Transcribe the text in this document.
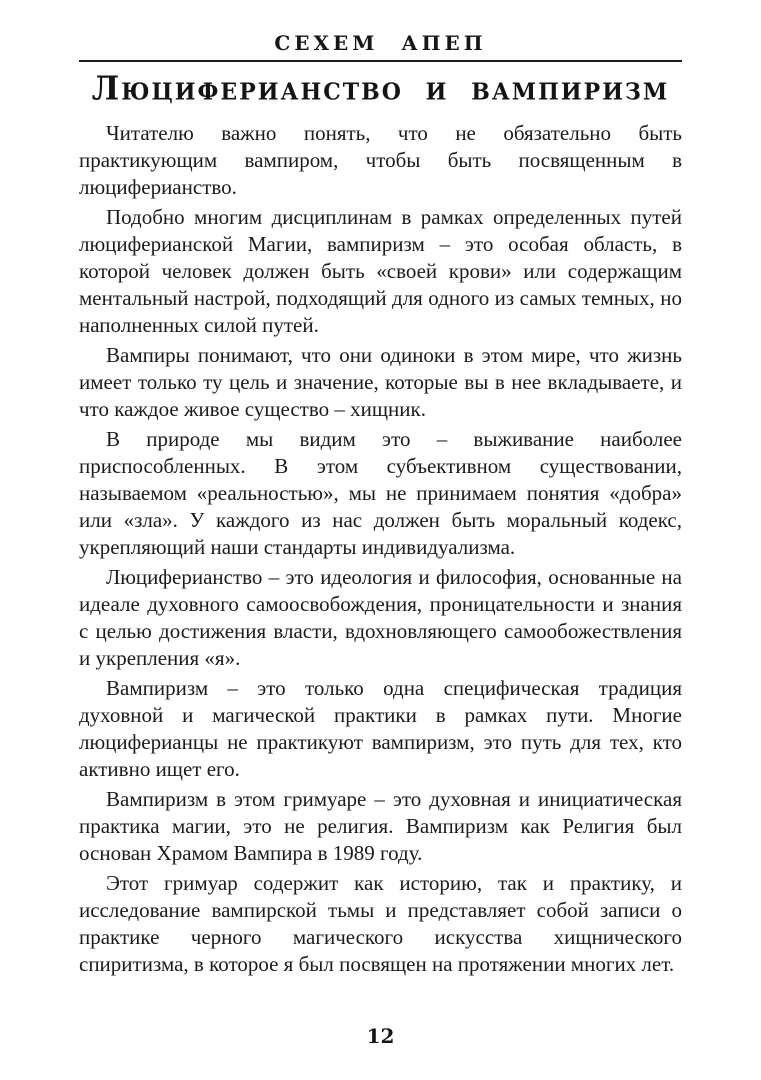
СЕХЕМ АПЕП
Люциферианство и вампиризм

Читателю важно понять, что не обязательно быть практикующим вампиром, чтобы быть посвященным в люциферианство.

Подобно многим дисциплинам в рамках определенных путей люциферианской Магии, вампиризм – это особая область, в которой человек должен быть «своей крови» или содержащим ментальный настрой, подходящий для одного из самых темных, но наполненных силой путей.

Вампиры понимают, что они одиноки в этом мире, что жизнь имеет только ту цель и значение, которые вы в нее вкладываете, и что каждое живое существо – хищник.

В природе мы видим это – выживание наиболее приспособленных. В этом субъективном существовании, называемом «реальностью», мы не принимаем понятия «добра» или «зла». У каждого из нас должен быть моральный кодекс, укрепляющий наши стандарты индивидуализма.

Люциферианство – это идеология и философия, основанные на идеале духовного самоосвобождения, проницательности и знания с целью достижения власти, вдохновляющего самообожествления и укрепления «я».

Вампиризм – это только одна специфическая традиция духовной и магической практики в рамках пути. Многие люциферианцы не практикуют вампиризм, это путь для тех, кто активно ищет его.

Вампиризм в этом гримуаре – это духовная и инициатическая практика магии, это не религия. Вампиризм как Религия был основан Храмом Вампира в 1989 году.

Этот гримуар содержит как историю, так и практику, и исследование вампирской тьмы и представляет собой записи о практике черного магического искусства хищнического спиритизма, в которое я был посвящен на протяжении многих лет.

12
